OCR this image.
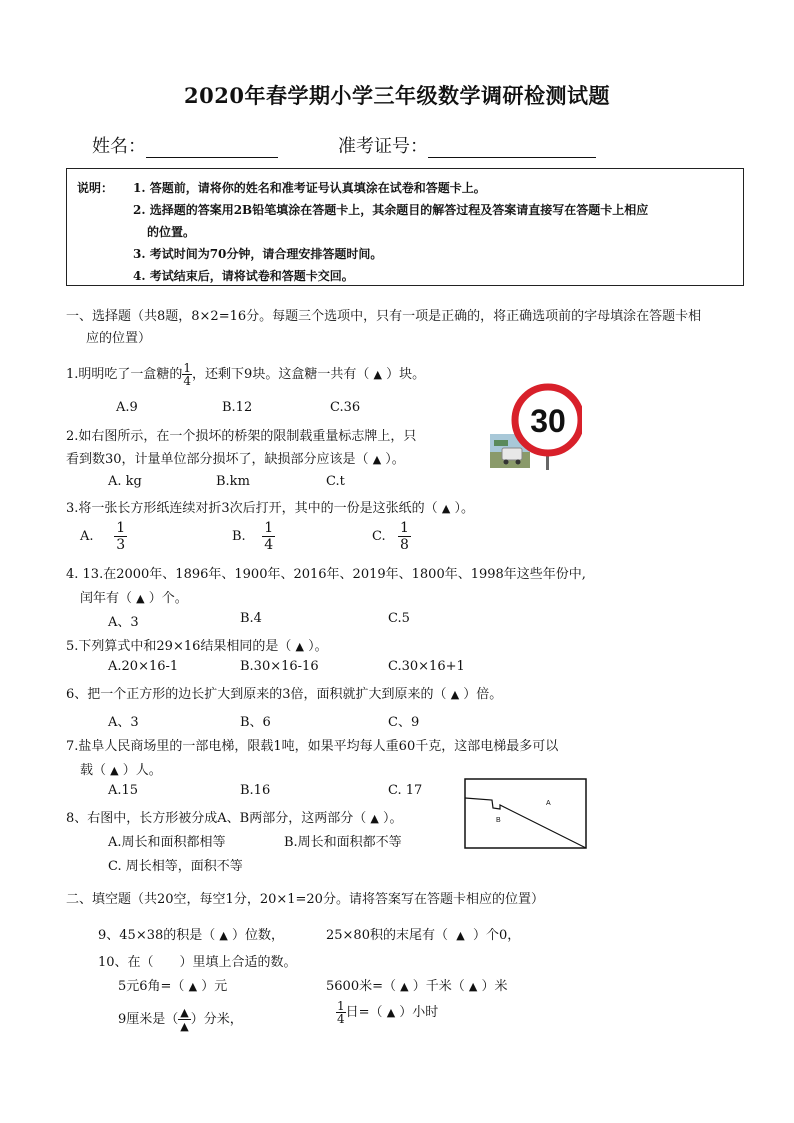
2020年春学期小学三年级数学调研检测试题
姓名：	准考证号：
说明： 1. 答题前，请将你的姓名和准考证号认真填涂在试卷和答题卡上。
2. 选择题的答案用2B铅笔填涂在答题卡上，其余题目的解答过程及答案请直接写在答题卡上相应
的位置。
3. 考试时间为70分钟，请合理安排答题时间。
4. 考试结束后，请将试卷和答题卡交回。
一、选择题（共8题，8×2=16分。每题三个选项中，只有一项是正确的，将正确选项前的字母填涂在答题卡相
应的位置）
1.明明吃了一盒糖的 $\frac{1}{4}$ ，还剩下9块。这盒糖一共有（ ▲ ）块。
A.9	B.12	C.36	30
2.如右图所示，在一个损坏的桥架的限制载重量标志牌上，只
看到数30，计量单位部分损坏了，缺损部分应该是（ ▲ ）。
A. kg	B.km	C.t
3.将一张长方形纸连续对折3次后打开，其中的一份是这张纸的（ ▲ ）。
A. $\frac{1}{3}$	B. $\frac{1}{4}$	C. $\frac{1}{8}$
4. 13.在2000年、1896年、1900年、2016年、2019年、1800年、1998年这些年份中,
闰年有（ ▲ ）个。
A、3	B.4	C.5
5.下列算式中和29×16结果相同的是（ ▲ ）。
A.20×16-1	B.30×16-16	C.30×16+1
6、把一个正方形的边长扩大到原来的3倍，面积就扩大到原来的（ ▲ ）倍。
A、3	B、6	C、9
7.盐阜人民商场里的一部电梯，限载1吨，如果平均每人重60千克，这部电梯最多可以
载（ ▲ ）人。
A.15	B.16	C. 17
A
B
8、右图中，长方形被分成A、B两部分，这两部分（ ▲ ）。
A.周长和面积都相等	B.周长和面积都不等
C. 周长相等，面积不等
二、填空题（共20空，每空1分，20×1=20分。请将答案写在答题卡相应的位置）
9、45×38的积是（ ▲ ）位数，	25×80积的末尾有（ ▲ ）个0，
10、在（　　）里填上合适的数。
5元6角=（ ▲ ）元	5600米=（ ▲ ）千米（ ▲ ）米
9厘米是（ $\frac{▲}{▲}$ ）分米，	$\frac{1}{4}$ 日=（ ▲ ）小时
